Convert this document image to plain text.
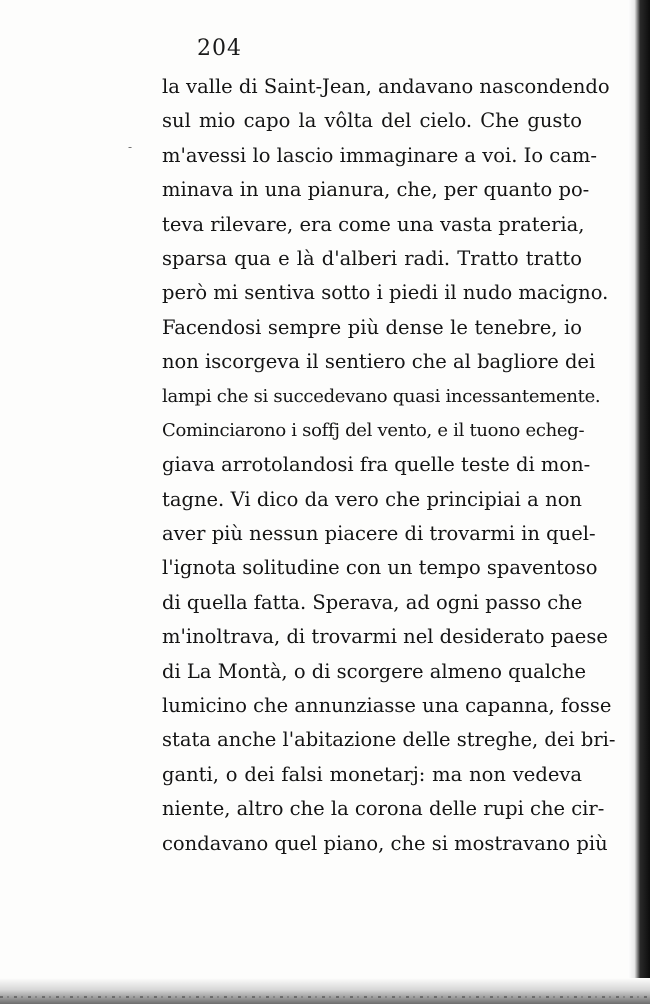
204
-
la valle di Saint-Jean, andavano nascondendo
sul mio capo la vôlta del cielo. Che gusto
m'avessi lo lascio immaginare a voi. Io cam-
minava in una pianura, che, per quanto po-
teva rilevare, era come una vasta prateria,
sparsa qua e là d'alberi radi. Tratto tratto
però mi sentiva sotto i piedi il nudo macigno.
Facendosi sempre più dense le tenebre, io
non iscorgeva il sentiero che al bagliore dei
lampi che si succedevano quasi incessantemente.
Cominciarono i soffj del vento, e il tuono echeg-
giava arrotolandosi fra quelle teste di mon-
tagne. Vi dico da vero che principiai a non
aver più nessun piacere di trovarmi in quel-
l'ignota solitudine con un tempo spaventoso
di quella fatta. Sperava, ad ogni passo che
m'inoltrava, di trovarmi nel desiderato paese
di La Montà, o di scorgere almeno qualche
lumicino che annunziasse una capanna, fosse
stata anche l'abitazione delle streghe, dei bri-
ganti, o dei falsi monetarj: ma non vedeva
niente, altro che la corona delle rupi che cir-
condavano quel piano, che si mostravano più
